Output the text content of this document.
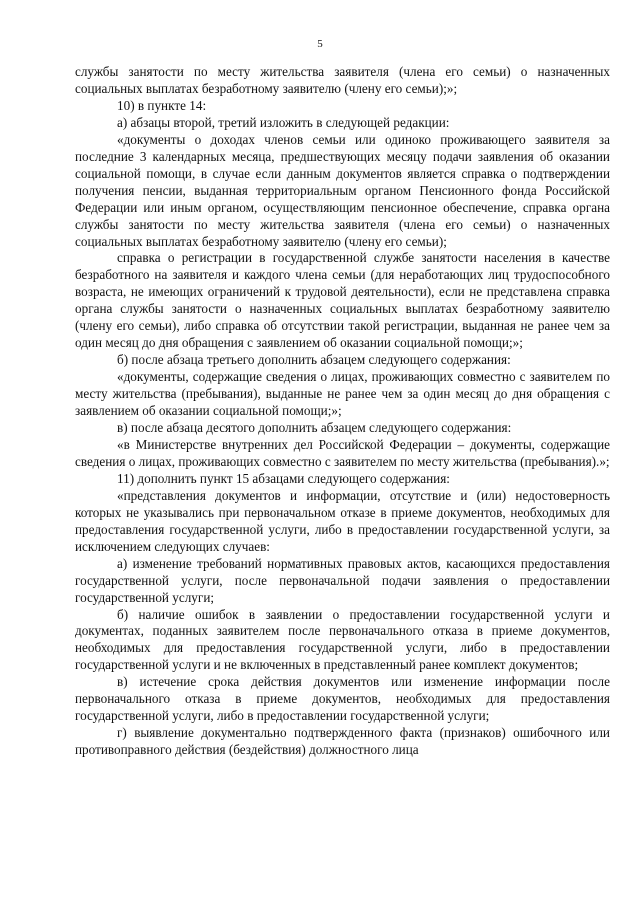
5

службы занятости по месту жительства заявителя (члена его семьи) о назначенных социальных выплатах безработному заявителю (члену его семьи);»;

10) в пункте 14:

а) абзацы второй, третий изложить в следующей редакции:

«документы о доходах членов семьи или одиноко проживающего заявителя за последние 3 календарных месяца, предшествующих месяцу подачи заявления об оказании социальной помощи, в случае если данным документов является справка о подтверждении получения пенсии, выданная территориальным органом Пенсионного фонда Российской Федерации или иным органом, осуществляющим пенсионное обеспечение, справка органа службы занятости по месту жительства заявителя (члена его семьи) о назначенных социальных выплатах безработному заявителю (члену его семьи);

справка о регистрации в государственной службе занятости населения в качестве безработного на заявителя и каждого члена семьи (для неработающих лиц трудоспособного возраста, не имеющих ограничений к трудовой деятельности), если не представлена справка органа службы занятости о назначенных социальных выплатах безработному заявителю (члену его семьи), либо справка об отсутствии такой регистрации, выданная не ранее чем за один месяц до дня обращения с заявлением об оказании социальной помощи;»;

б) после абзаца третьего дополнить абзацем следующего содержания:

«документы, содержащие сведения о лицах, проживающих совместно с заявителем по месту жительства (пребывания), выданные не ранее чем за один месяц до дня обращения с заявлением об оказании социальной помощи;»;

в) после абзаца десятого дополнить абзацем следующего содержания:

«в Министерстве внутренних дел Российской Федерации – документы, содержащие сведения о лицах, проживающих совместно с заявителем по месту жительства (пребывания).»;

11) дополнить пункт 15 абзацами следующего содержания:

«представления документов и информации, отсутствие и (или) недостоверность которых не указывались при первоначальном отказе в приеме документов, необходимых для предоставления государственной услуги, либо в предоставлении государственной услуги, за исключением следующих случаев:

а) изменение требований нормативных правовых актов, касающихся предоставления государственной услуги, после первоначальной подачи заявления о предоставлении государственной услуги;

б) наличие ошибок в заявлении о предоставлении государственной услуги и документах, поданных заявителем после первоначального отказа в приеме документов, необходимых для предоставления государственной услуги, либо в предоставлении государственной услуги и не включенных в представленный ранее комплект документов;

в) истечение срока действия документов или изменение информации после первоначального отказа в приеме документов, необходимых для предоставления государственной услуги, либо в предоставлении государственной услуги;

г) выявление документально подтвержденного факта (признаков) ошибочного или противоправного действия (бездействия) должностного лица
